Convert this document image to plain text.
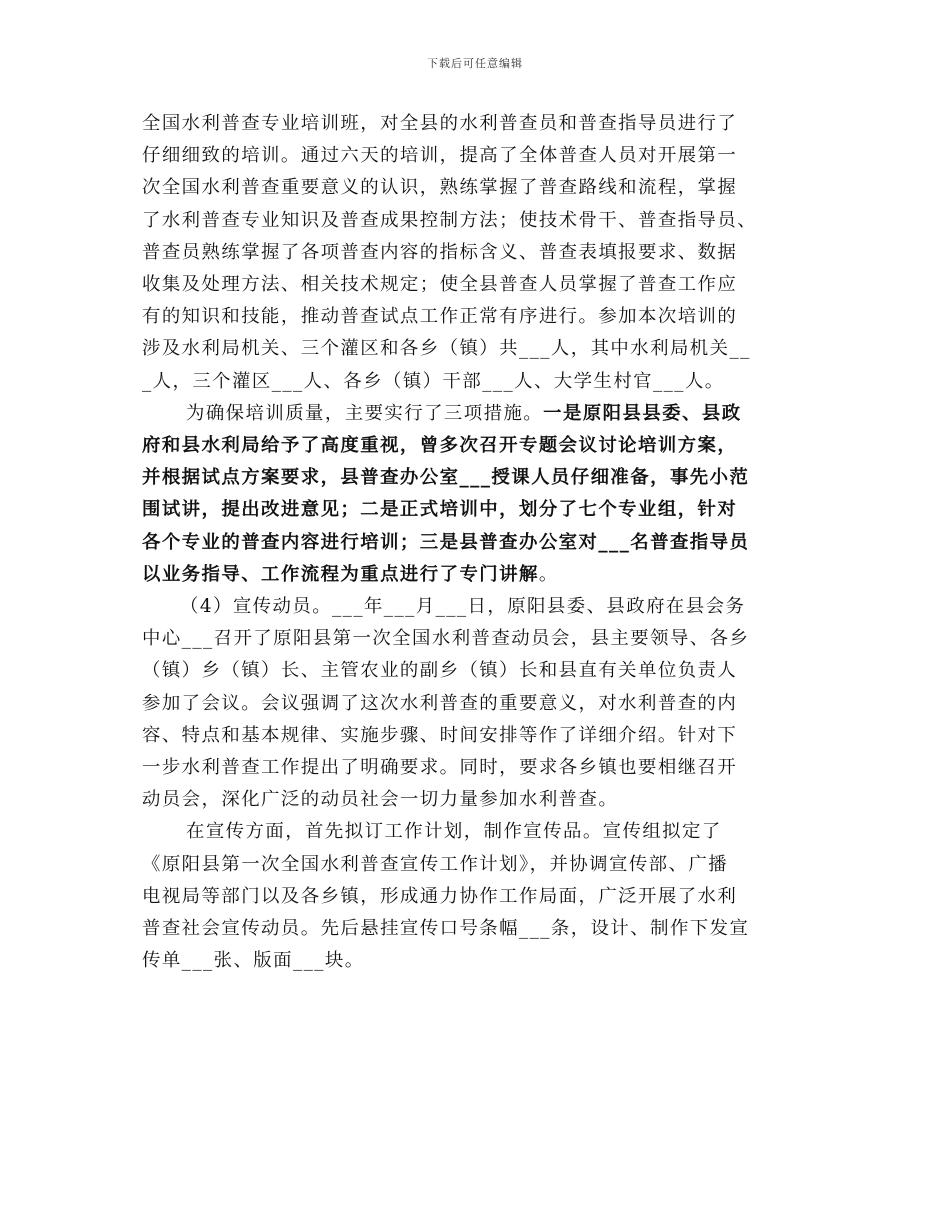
下载后可任意编辑
全国水利普查专业培训班，对全县的水利普查员和普查指导员进行了
仔细细致的培训。通过六天的培训，提高了全体普查人员对开展第一
次全国水利普查重要意义的认识，熟练掌握了普查路线和流程，掌握
了水利普查专业知识及普查成果控制方法；使技术骨干、普查指导员、
普查员熟练掌握了各项普查内容的指标含义、普查表填报要求、数据
收集及处理方法、相关技术规定；使全县普查人员掌握了普查工作应
有的知识和技能，推动普查试点工作正常有序进行。参加本次培训的
涉及水利局机关、三个灌区和各乡（镇）共___人，其中水利局机关__
_人，三个灌区___人、各乡（镇）干部___人、大学生村官___人。
为确保培训质量，主要实行了三项措施。一是原阳县县委、县政
府和县水利局给予了高度重视，曾多次召开专题会议讨论培训方案，
并根据试点方案要求，县普查办公室___授课人员仔细准备，事先小范
围试讲，提出改进意见；二是正式培训中，划分了七个专业组，针对
各个专业的普查内容进行培训；三是县普查办公室对___名普查指导员
以业务指导、工作流程为重点进行了专门讲解。
（4）宣传动员。___年___月___日，原阳县委、县政府在县会务
中心___召开了原阳县第一次全国水利普查动员会，县主要领导、各乡
（镇）乡（镇）长、主管农业的副乡（镇）长和县直有关单位负责人
参加了会议。会议强调了这次水利普查的重要意义，对水利普查的内
容、特点和基本规律、实施步骤、时间安排等作了详细介绍。针对下
一步水利普查工作提出了明确要求。同时，要求各乡镇也要相继召开
动员会，深化广泛的动员社会一切力量参加水利普查。
在宣传方面，首先拟订工作计划，制作宣传品。宣传组拟定了
《原阳县第一次全国水利普查宣传工作计划》，并协调宣传部、广播
电视局等部门以及各乡镇，形成通力协作工作局面，广泛开展了水利
普查社会宣传动员。先后悬挂宣传口号条幅___条，设计、制作下发宣
传单___张、版面___块。
